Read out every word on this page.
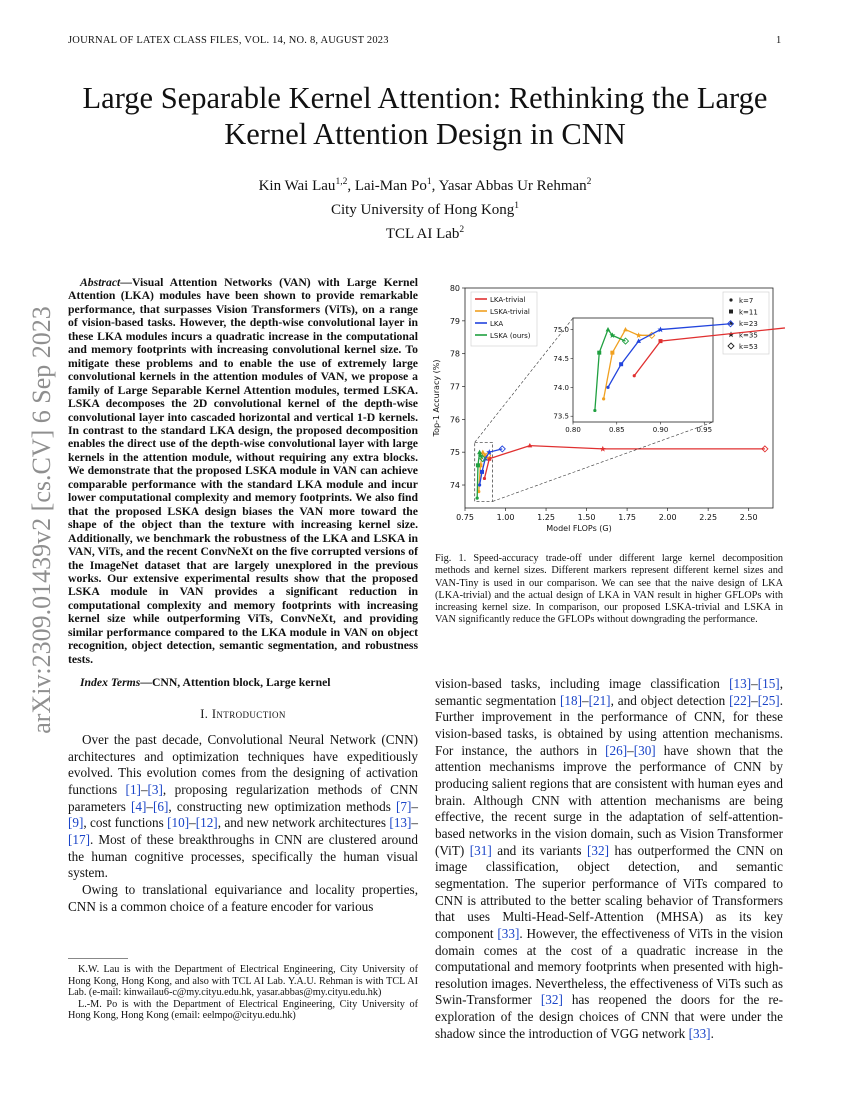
JOURNAL OF LATEX CLASS FILES, VOL. 14, NO. 8, AUGUST 2023	1
Large Separable Kernel Attention: Rethinking the Large Kernel Attention Design in CNN
Kin Wai Lau$^{1,2}$, Lai-Man Po$^1$, Yasar Abbas Ur Rehman$^2$
City University of Hong Kong$^1$
TCL AI Lab$^2$
arXiv:2309.01439v2 [cs.CV] 6 Sep 2023

Abstract—Visual Attention Networks (VAN) with Large Kernel Attention (LKA) modules have been shown to provide remarkable performance, that surpasses Vision Transformers (ViTs), on a range of vision-based tasks. However, the depth-wise convolutional layer in these LKA modules incurs a quadratic increase in the computational and memory footprints with increasing convolutional kernel size. To mitigate these problems and to enable the use of extremely large convolutional kernels in the attention modules of VAN, we propose a family of Large Separable Kernel Attention modules, termed LSKA. LSKA decomposes the 2D convolutional kernel of the depth-wise convolutional layer into cascaded horizontal and vertical 1-D kernels. In contrast to the standard LKA design, the proposed decomposition enables the direct use of the depth-wise convolutional layer with large kernels in the attention module, without requiring any extra blocks. We demonstrate that the proposed LSKA module in VAN can achieve comparable performance with the standard LKA module and incur lower computational complexity and memory footprints. We also find that the proposed LSKA design biases the VAN more toward the shape of the object than the texture with increasing kernel size. Additionally, we benchmark the robustness of the LKA and LSKA in VAN, ViTs, and the recent ConvNeXt on the five corrupted versions of the ImageNet dataset that are largely unexplored in the previous works. Our extensive experimental results show that the proposed LSKA module in VAN provides a significant reduction in computational complexity and memory footprints with increasing kernel size while outperforming ViTs, ConvNeXt, and providing similar performance compared to the LKA module in VAN on object recognition, object detection, semantic segmentation, and robustness tests.

Index Terms—CNN, Attention block, Large kernel

I. Introduction

Over the past decade, Convolutional Neural Network (CNN) architectures and optimization techniques have expeditiously evolved. This evolution comes from the designing of activation functions [1]–[3], proposing regularization methods of CNN parameters [4]–[6], constructing new optimization methods [7]–[9], cost functions [10]–[12], and new network architectures [13]–[17]. Most of these breakthroughs in CNN are clustered around the human cognitive processes, specifically the human visual system.

Owing to translational equivariance and locality properties, CNN is a common choice of a feature encoder for various

K.W. Lau is with the Department of Electrical Engineering, City University of Hong Kong, Hong Kong, and also with TCL AI Lab. Y.A.U. Rehman is with TCL AI Lab. (e-mail: kinwailau6-c@my.cityu.edu.hk, yasar.abbas@my.cityu.edu.hk)

L.-M. Po is with the Department of Electrical Engineering, City University of Hong Kong, Hong Kong (email: eelmpo@cityu.edu.hk)

0.75	1.00	1.25	1.50	1.75	2.00	2.25	2.50
74
75
76
77
78
79
80
Model FLOPs (G)
Top-1 Accuracy (%)
LKA-trivial
LSKA-trivial
LKA
LSKA (ours)
k=7
k=11
k=23
k=35
k=53
0.80	0.85	0.90	0.95
73.5
74.0
74.5
75.0
Fig. 1. Speed-accuracy trade-off under different large kernel decomposition methods and kernel sizes. Different markers represent different kernel sizes and VAN-Tiny is used in our comparison. We can see that the naive design of LKA (LKA-trivial) and the actual design of LKA in VAN result in higher GFLOPs with increasing kernel size. In comparison, our proposed LSKA-trivial and LSKA in VAN significantly reduce the GFLOPs without downgrading the performance.

vision-based tasks, including image classification [13]–[15], semantic segmentation [18]–[21], and object detection [22]–[25]. Further improvement in the performance of CNN, for these vision-based tasks, is obtained by using attention mechanisms. For instance, the authors in [26]–[30] have shown that the attention mechanisms improve the performance of CNN by producing salient regions that are consistent with human eyes and brain. Although CNN with attention mechanisms are being effective, the recent surge in the adaptation of self-attention-based networks in the vision domain, such as Vision Transformer (ViT) [31] and its variants [32] has outperformed the CNN on image classification, object detection, and semantic segmentation. The superior performance of ViTs compared to CNN is attributed to the better scaling behavior of Transformers that uses Multi-Head-Self-Attention (MHSA) as its key component [33]. However, the effectiveness of ViTs in the vision domain comes at the cost of a quadratic increase in the computational and memory footprints when presented with high-resolution images. Nevertheless, the effectiveness of ViTs such as Swin-Transformer [32] has reopened the doors for the re-exploration of the design choices of CNN that were under the shadow since the introduction of VGG network [33].
